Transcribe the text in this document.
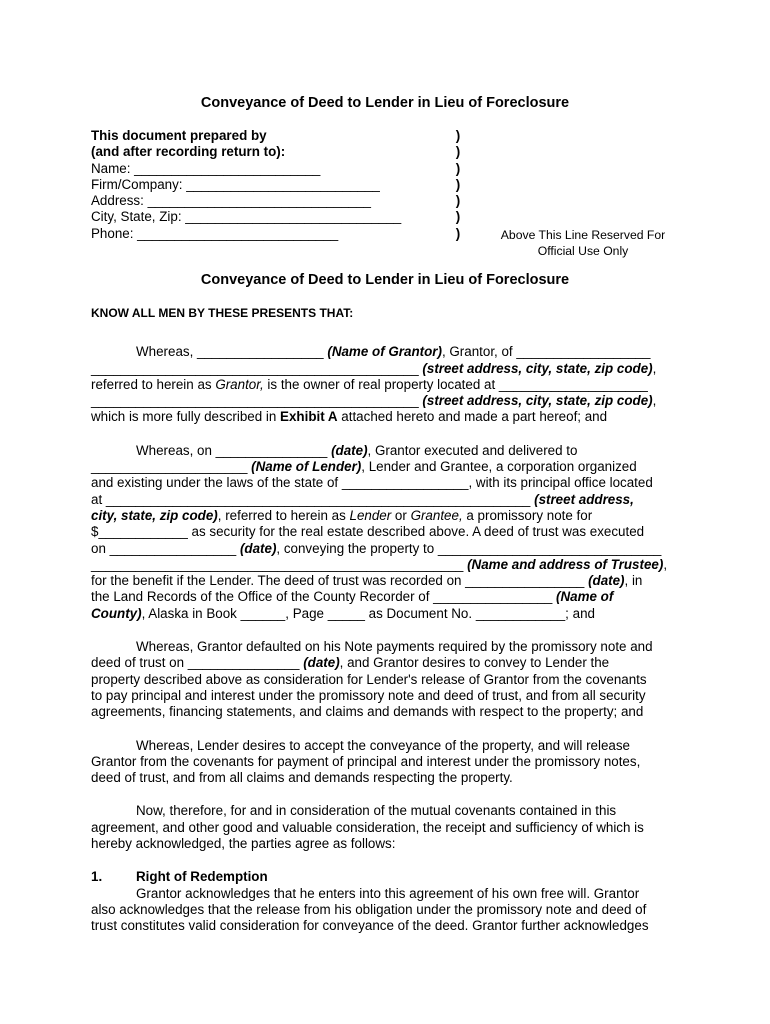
Conveyance of Deed to Lender in Lieu of Foreclosure
This document prepared by
(and after recording return to):
Name: _________________________
Firm/Company: __________________________
Address: ______________________________
City, State, Zip: _____________________________
Phone: ___________________________
)
)
)
)
)
)
)	Above This Line Reserved For
Official Use Only
Conveyance of Deed to Lender in Lieu of Foreclosure

KNOW ALL MEN BY THESE PRESENTS THAT:

Whereas, _________________ (Name of Grantor), Grantor, of __________________
____________________________________________ (street address, city, state, zip code),
referred to herein as Grantor, is the owner of real property located at ____________________
____________________________________________ (street address, city, state, zip code),
which is more fully described in Exhibit A attached hereto and made a part hereof; and

Whereas, on _______________ (date), Grantor executed and delivered to
_____________________ (Name of Lender), Lender and Grantee, a corporation organized
and existing under the laws of the state of _________________, with its principal office located
at _________________________________________________________ (street address,
city, state, zip code), referred to herein as Lender or Grantee, a promissory note for
$____________ as security for the real estate described above. A deed of trust was executed
on _________________ (date), conveying the property to ______________________________
__________________________________________________ (Name and address of Trustee),
for the benefit if the Lender. The deed of trust was recorded on ________________ (date), in
the Land Records of the Office of the County Recorder of ________________ (Name of
County), Alaska in Book ______, Page _____ as Document No. ____________; and

Whereas, Grantor defaulted on his Note payments required by the promissory note and
deed of trust on _______________ (date), and Grantor desires to convey to Lender the
property described above as consideration for Lender's release of Grantor from the covenants
to pay principal and interest under the promissory note and deed of trust, and from all security
agreements, financing statements, and claims and demands with respect to the property; and

Whereas, Lender desires to accept the conveyance of the property, and will release
Grantor from the covenants for payment of principal and interest under the promissory notes,
deed of trust, and from all claims and demands respecting the property.

Now, therefore, for and in consideration of the mutual covenants contained in this
agreement, and other good and valuable consideration, the receipt and sufficiency of which is
hereby acknowledged, the parties agree as follows:

1.	Right of Redemption
Grantor acknowledges that he enters into this agreement of his own free will. Grantor
also acknowledges that the release from his obligation under the promissory note and deed of
trust constitutes valid consideration for conveyance of the deed. Grantor further acknowledges
